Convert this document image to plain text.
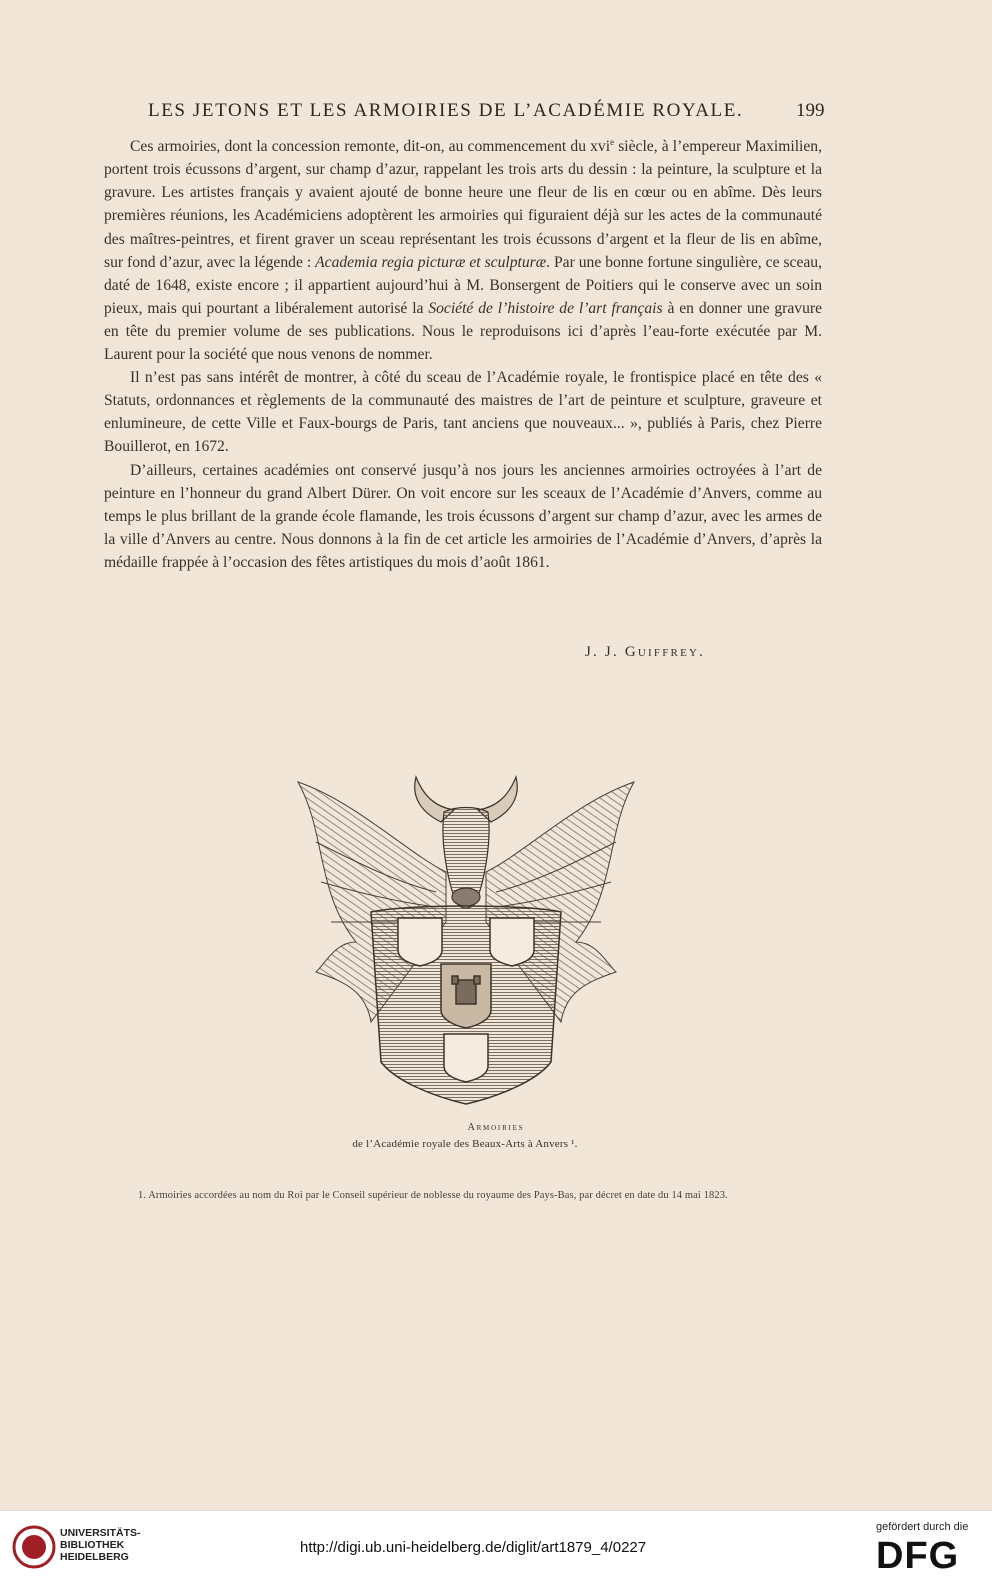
LES JETONS ET LES ARMOIRIES DE L’ACADÉMIE ROYALE.	199

Ces armoiries, dont la concession remonte, dit-on, au commencement du xvi$^e$ siècle, à l’empereur Maximilien, portent trois écussons d’argent, sur champ d’azur, rappelant les trois arts du dessin : la peinture, la sculpture et la gravure. Les artistes français y avaient ajouté de bonne heure une fleur de lis en cœur ou en abîme. Dès leurs premières réunions, les Académiciens adoptèrent les armoiries qui figuraient déjà sur les actes de la communauté des maîtres-peintres, et firent graver un sceau représentant les trois écussons d’argent et la fleur de lis en abîme, sur fond d’azur, avec la légende : Academia regia picturæ et sculpturæ. Par une bonne fortune singulière, ce sceau, daté de 1648, existe encore ; il appartient aujourd’hui à M. Bonsergent de Poitiers qui le conserve avec un soin pieux, mais qui pourtant a libéralement autorisé la Société de l’histoire de l’art français à en donner une gravure en tête du premier volume de ses publications. Nous le reproduisons ici d’après l’eau-forte exécutée par M. Laurent pour la société que nous venons de nommer.

Il n’est pas sans intérêt de montrer, à côté du sceau de l’Académie royale, le frontispice placé en tête des « Statuts, ordonnances et règlements de la communauté des maistres de l’art de peinture et sculpture, graveure et enlumineure, de cette Ville et Faux-bourgs de Paris, tant anciens que nouveaux... », publiés à Paris, chez Pierre Bouillerot, en 1672.

D’ailleurs, certaines académies ont conservé jusqu’à nos jours les anciennes armoiries octroyées à l’art de peinture en l’honneur du grand Albert Dürer. On voit encore sur les sceaux de l’Académie d’Anvers, comme au temps le plus brillant de la grande école flamande, les trois écussons d’argent sur champ d’azur, avec les armes de la ville d’Anvers au centre. Nous donnons à la fin de cet article les armoiries de l’Académie d’Anvers, d’après la médaille frappée à l’occasion des fêtes artistiques du mois d’août 1861.

J. J. Guiffrey.
Armoiries
de l’Académie royale des Beaux-Arts à Anvers ¹.
1. Armoiries accordées au nom du Roi par le Conseil supérieur de noblesse du royaume des Pays-Bas, par décret en date du 14 mai 1823.
UNIVERSITÄTS-
BIBLIOTHEK
HEIDELBERG
http://digi.ub.uni-heidelberg.de/diglit/art1879_4/0227
gefördert durch die
DFG
